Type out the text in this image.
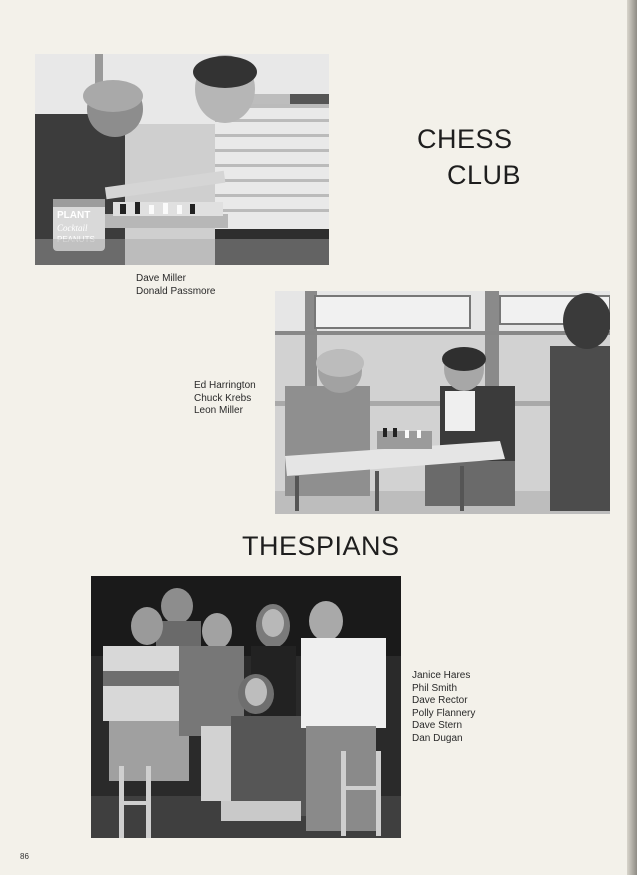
PLANT
Cocktail
PEANUTS
CHESS
CLUB
Dave Miller
Donald Passmore
Ed Harrington
Chuck Krebs
Leon Miller
THESPIANS
Janice Hares
Phil Smith
Dave Rector
Polly Flannery
Dave Stern
Dan Dugan
86
